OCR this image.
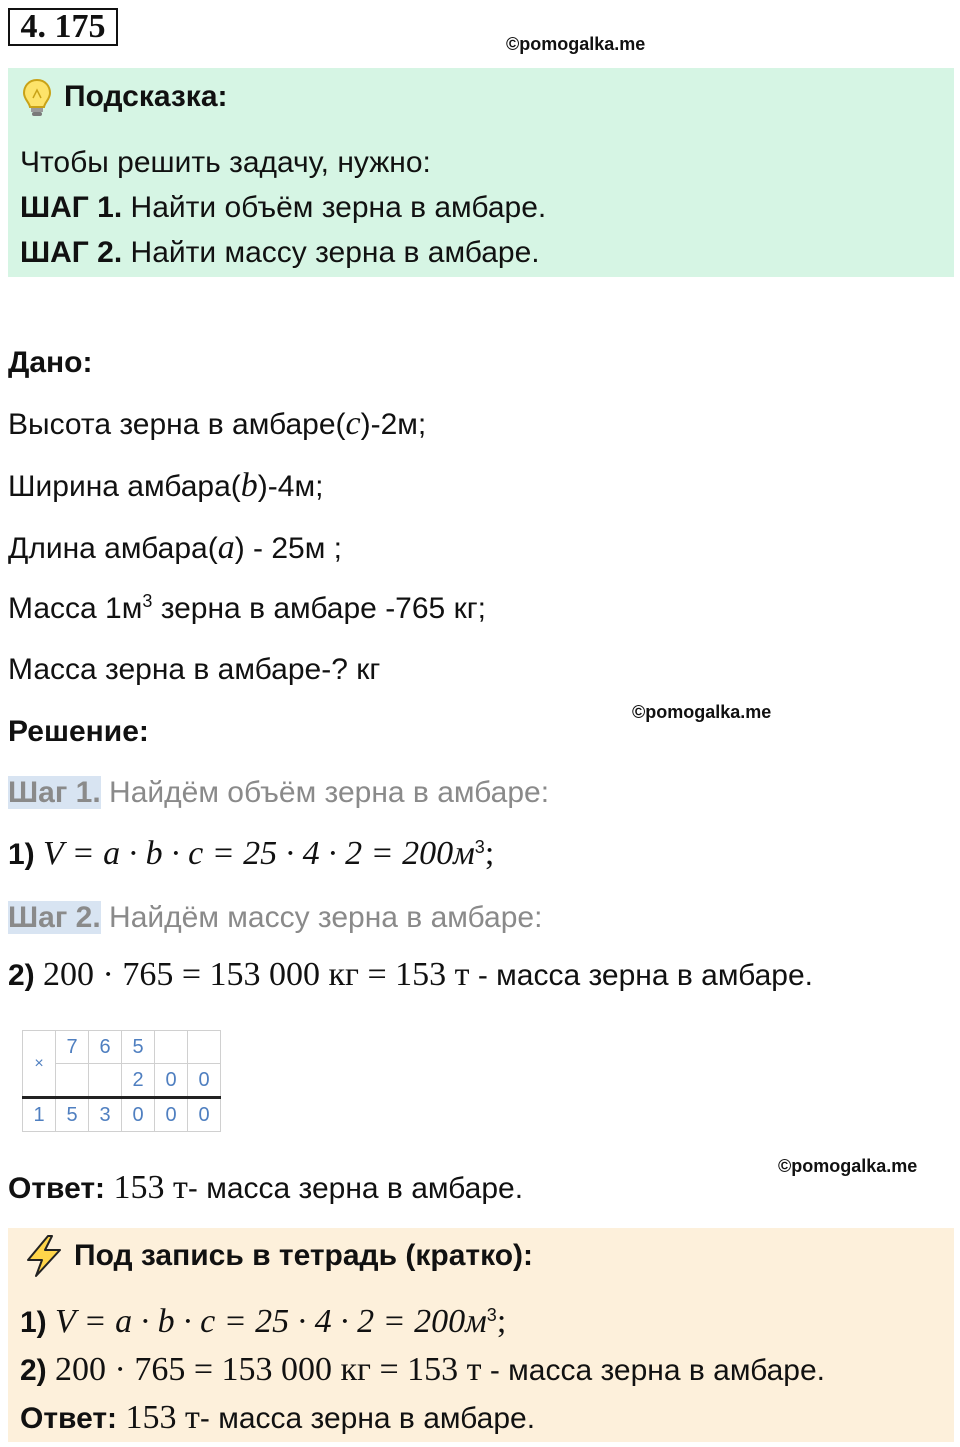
4. 175	©pomogalka.me
Подсказка:
Чтобы решить задачу, нужно:
ШАГ 1. Найти объём зерна в амбаре.
ШАГ 2. Найти массу зерна в амбаре.
Дано:
Высота зерна в амбаре(c)-2м;
Ширина амбара(b)-4м;
Длина амбара(a) - 25м ;
Масса $1м^3$ зерна в амбаре -765 кг;
Масса зерна в амбаре-? кг
Решение:
©pomogalka.me
Шаг 1. Найдём объём зерна в амбаре:
1) $V = a \cdot b \cdot c = 25 \cdot 4 \cdot 2 = 200м^3$;
Шаг 2. Найдём массу зерна в амбаре:
2) 200 · 765 = 153 000 кг = 153 т - масса зерна в амбаре.
×	7	6	5		
			2	0	0
1	5	3	0	0	0
©pomogalka.me
Ответ: 153 т- масса зерна в амбаре.
Под запись в тетрадь (кратко):
1) $V = a \cdot b \cdot c = 25 \cdot 4 \cdot 2 = 200м^3$;
2) 200 · 765 = 153 000 кг = 153 т - масса зерна в амбаре.
Ответ: 153 т- масса зерна в амбаре.
